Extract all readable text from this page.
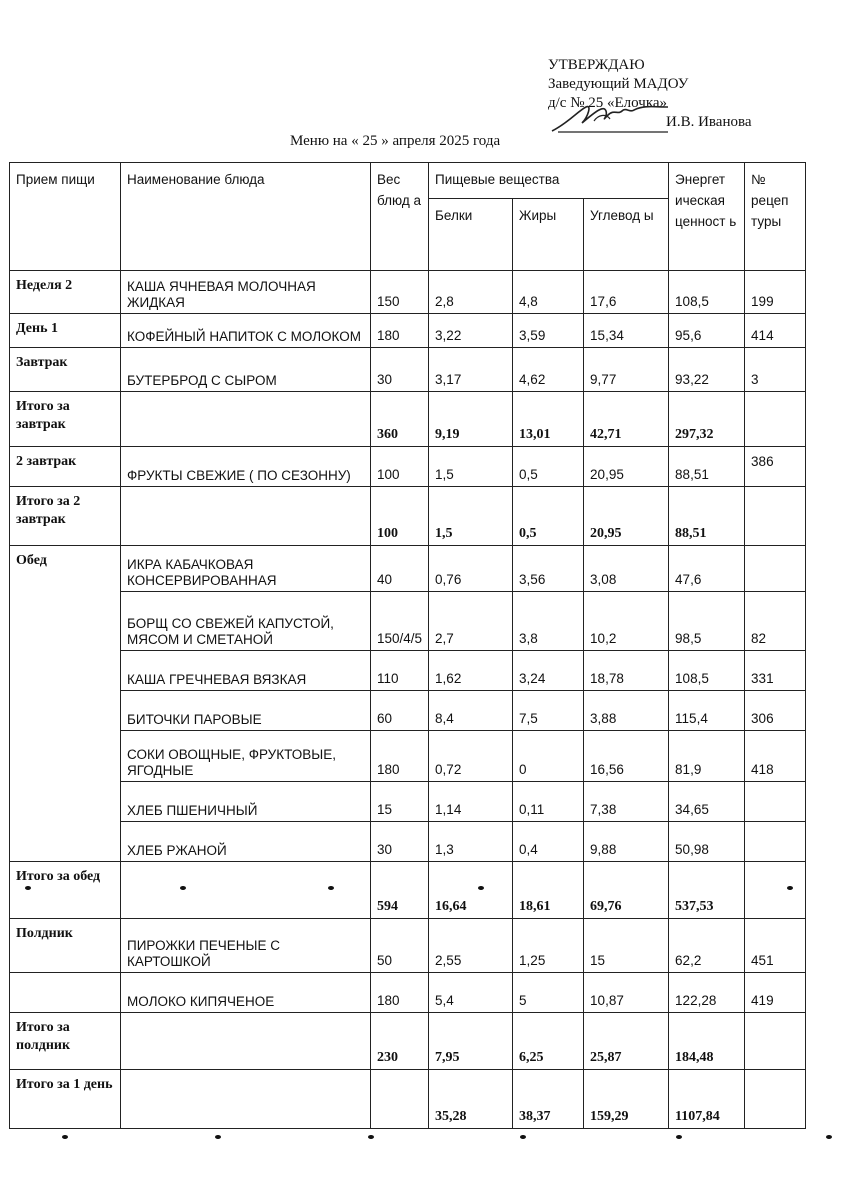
УТВЕРЖДАЮ
Заведующий МАДОУ
д/с № 25 «Елочка»
И.В. Иванова
Меню на « 25 » апреля 2025 года
Прием пищи	Наименование блюда	Вес блюд а	Пищевые вещества			Энергет ическая ценност ь	№ рецеп туры
			Белки	Жиры	Углевод ы		
Неделя 2	КАША ЯЧНЕВАЯ МОЛОЧНАЯ ЖИДКАЯ	150	2,8	4,8	17,6	108,5	199
День 1	КОФЕЙНЫЙ НАПИТОК С МОЛОКОМ	180	3,22	3,59	15,34	95,6	414
Завтрак	БУТЕРБРОД С СЫРОМ	30	3,17	4,62	9,77	93,22	3
Итого за завтрак		360	9,19	13,01	42,71	297,32	
2 завтрак	ФРУКТЫ СВЕЖИЕ ( ПО СЕЗОННУ)	100	1,5	0,5	20,95	88,51	386
Итого за 2 завтрак		100	1,5	0,5	20,95	88,51	
Обед	ИКРА КАБАЧКОВАЯ КОНСЕРВИРОВАННАЯ	40	0,76	3,56	3,08	47,6	
	БОРЩ СО СВЕЖЕЙ КАПУСТОЙ, МЯСОМ И СМЕТАНОЙ	150/4/5	2,7	3,8	10,2	98,5	82
	КАША ГРЕЧНЕВАЯ ВЯЗКАЯ	110	1,62	3,24	18,78	108,5	331
	БИТОЧКИ ПАРОВЫЕ	60	8,4	7,5	3,88	115,4	306
	СОКИ ОВОЩНЫЕ, ФРУКТОВЫЕ, ЯГОДНЫЕ	180	0,72	0	16,56	81,9	418
	ХЛЕБ ПШЕНИЧНЫЙ	15	1,14	0,11	7,38	34,65	
	ХЛЕБ РЖАНОЙ	30	1,3	0,4	9,88	50,98	
Итого за обед		594	16,64	18,61	69,76	537,53	
Полдник	ПИРОЖКИ ПЕЧЕНЫЕ С КАРТОШКОЙ	50	2,55	1,25	15	62,2	451
	МОЛОКО КИПЯЧЕНОЕ	180	5,4	5	10,87	122,28	419
Итого за полдник		230	7,95	6,25	25,87	184,48	
Итого за 1 день			35,28	38,37	159,29	1107,84	
